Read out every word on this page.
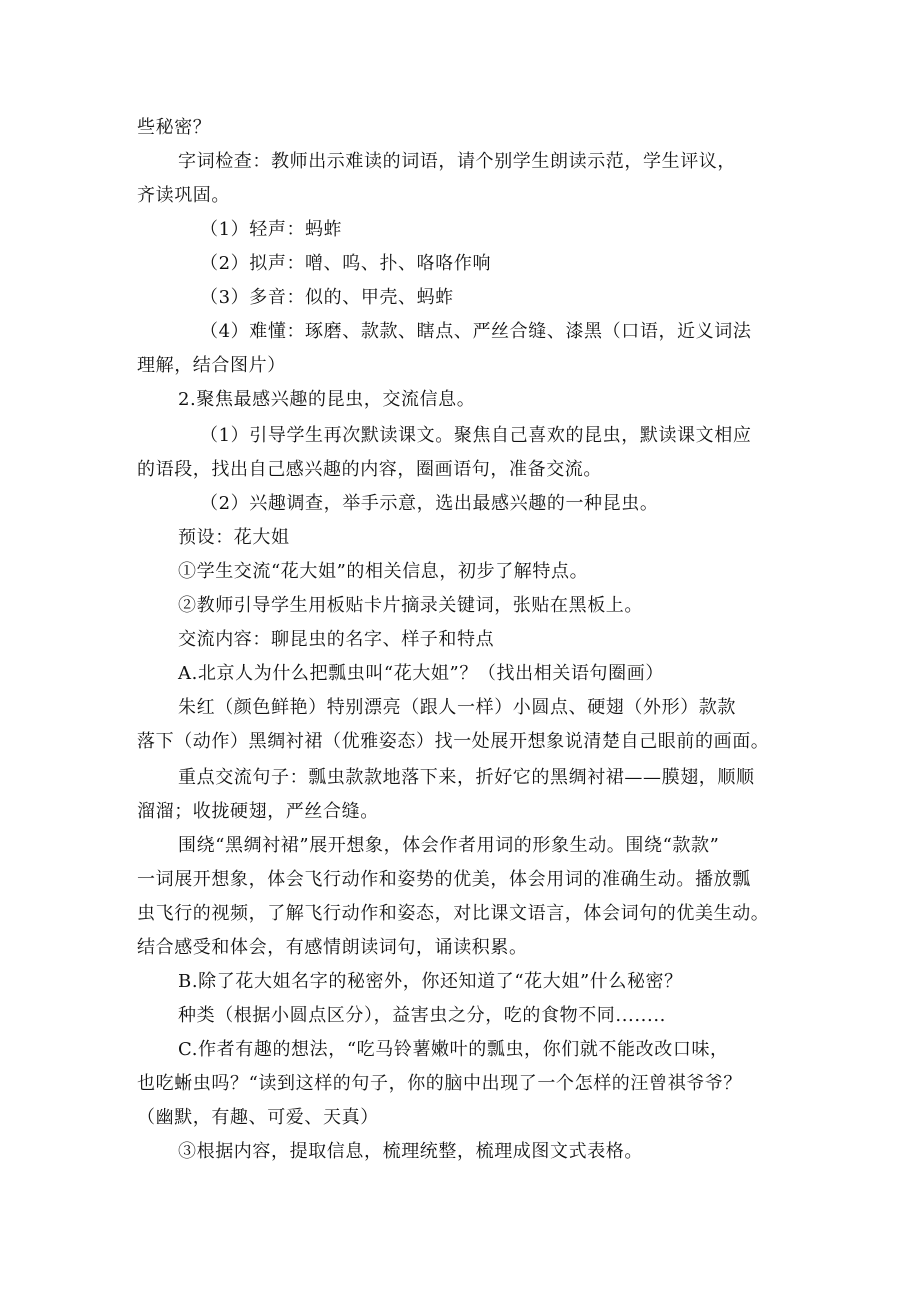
些秘密？
字词检查：教师出示难读的词语，请个别学生朗读示范，学生评议，
齐读巩固。
（1）轻声：蚂蚱
（2）拟声：噌、呜、扑、咯咯作响
（3）多音：似的、甲壳、蚂蚱
（4）难懂：琢磨、款款、瞎点、严丝合缝、漆黑（口语，近义词法
理解，结合图片）
2.聚焦最感兴趣的昆虫，交流信息。
（1）引导学生再次默读课文。聚焦自己喜欢的昆虫，默读课文相应
的语段，找出自己感兴趣的内容，圈画语句，准备交流。
（2）兴趣调查，举手示意，选出最感兴趣的一种昆虫。
预设：花大姐
①学生交流“花大姐”的相关信息，初步了解特点。
②教师引导学生用板贴卡片摘录关键词，张贴在黑板上。
交流内容：聊昆虫的名字、样子和特点
A.北京人为什么把瓢虫叫“花大姐”？（找出相关语句圈画）
朱红（颜色鲜艳）特别漂亮（跟人一样）小圆点、硬翅（外形）款款
落下（动作）黑绸衬裙（优雅姿态）找一处展开想象说清楚自己眼前的画面。
重点交流句子：瓢虫款款地落下来，折好它的黑绸衬裙——膜翅，顺顺
溜溜；收拢硬翅，严丝合缝。
围绕“黑绸衬裙”展开想象，体会作者用词的形象生动。围绕“款款”
一词展开想象，体会飞行动作和姿势的优美，体会用词的准确生动。播放瓢
虫飞行的视频，了解飞行动作和姿态，对比课文语言，体会词句的优美生动。
结合感受和体会，有感情朗读词句，诵读积累。
B.除了花大姐名字的秘密外，你还知道了“花大姐”什么秘密？
种类（根据小圆点区分），益害虫之分，吃的食物不同........
C.作者有趣的想法，“吃马铃薯嫩叶的瓢虫，你们就不能改改口味，
也吃蜥虫吗？“读到这样的句子，你的脑中出现了一个怎样的汪曾祺爷爷？
（幽默，有趣、可爱、天真）
③根据内容，提取信息，梳理统整，梳理成图文式表格。
